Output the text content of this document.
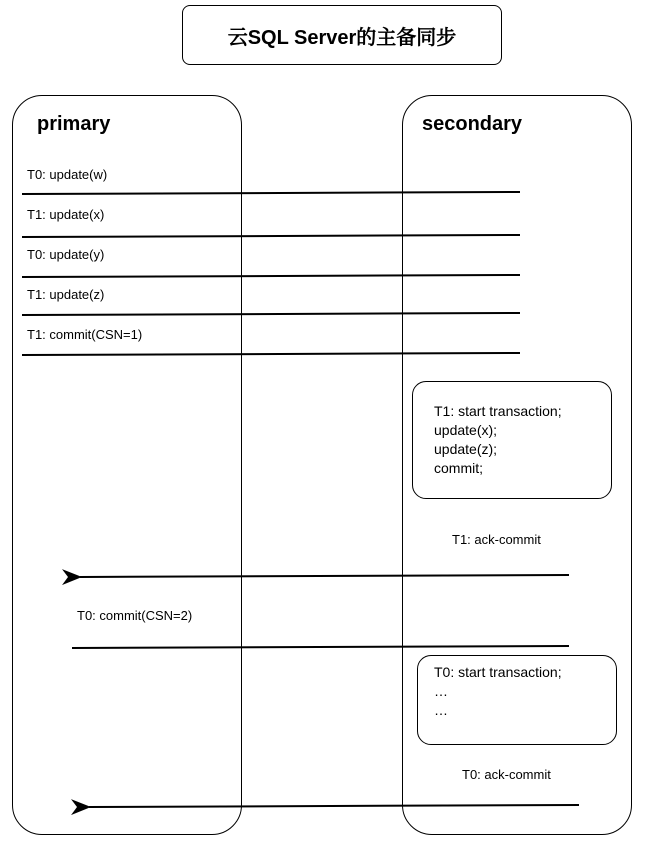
云SQL Server的主备同步
primary	secondary
T0: update(w)
T1: update(x)
T0: update(y)
T1: update(z)
T1: commit(CSN=1)
T1: start transaction;
update(x);
update(z);
commit;
T0: start transaction;
…
…
T1: ack-commit
T0: commit(CSN=2)
T0: ack-commit
